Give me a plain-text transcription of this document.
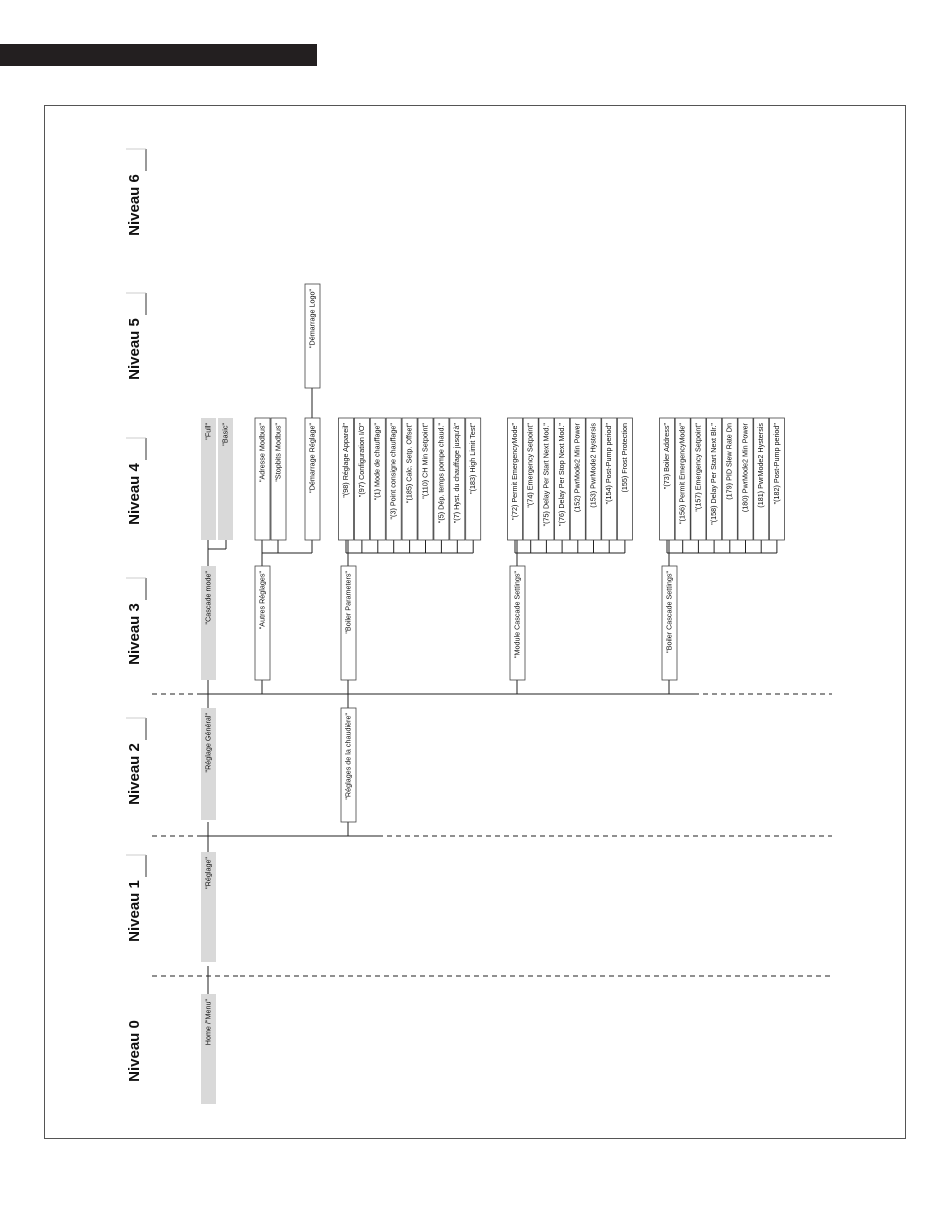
Niveau 0
Niveau 1
Niveau 2
Niveau 3
Niveau 4
Niveau 5
Niveau 6
Home /"Menu"
"Réglage"
"Réglage Général"	"Réglages de la chaudière"
"Cascade mode"	"Autres Réglages"	"Boiler Parameters"	"Module Cascade Settings"	"Boiler Cascade Settings"
"Full" "Basic"	"Adresse Modbus" "Stopbits Modbus"	"Démarrage Réglage"
"Démarrage Logo"
"(98) Réglage Appareil" "(97) Configuration I/O" "(1) Mode de chauffage" "(3) Point consigne chauffage" "(185) Calc. Setp. Offset" "(110) CH Min Setpoint" "(5) Dép. temps pompe chaud." "(7) Hyst. du chauffage jusqu'à" "(183) High Limit Test"	"(72) Permit EmergencyMode" "(74) Emergency Setpoint" "(75) Delay Per Start Next Mod." "(76) Delay Per Stop Next Mod." (152) PwrMode2 Min Power (153) PwrMode2 Hystersis "(154) Post-Pump period" (155) Frost Protection	"(73) Boiler Address" "(156) Permit EmergencyMode" "(157) Emergency Setpoint" "(158) Delay Per Start Next Blr." (179) PID Slew Rate Dn (180) PwrMode2 Min Power (181) PwrMode2 Hystersis "(182) Post-Pump period"
